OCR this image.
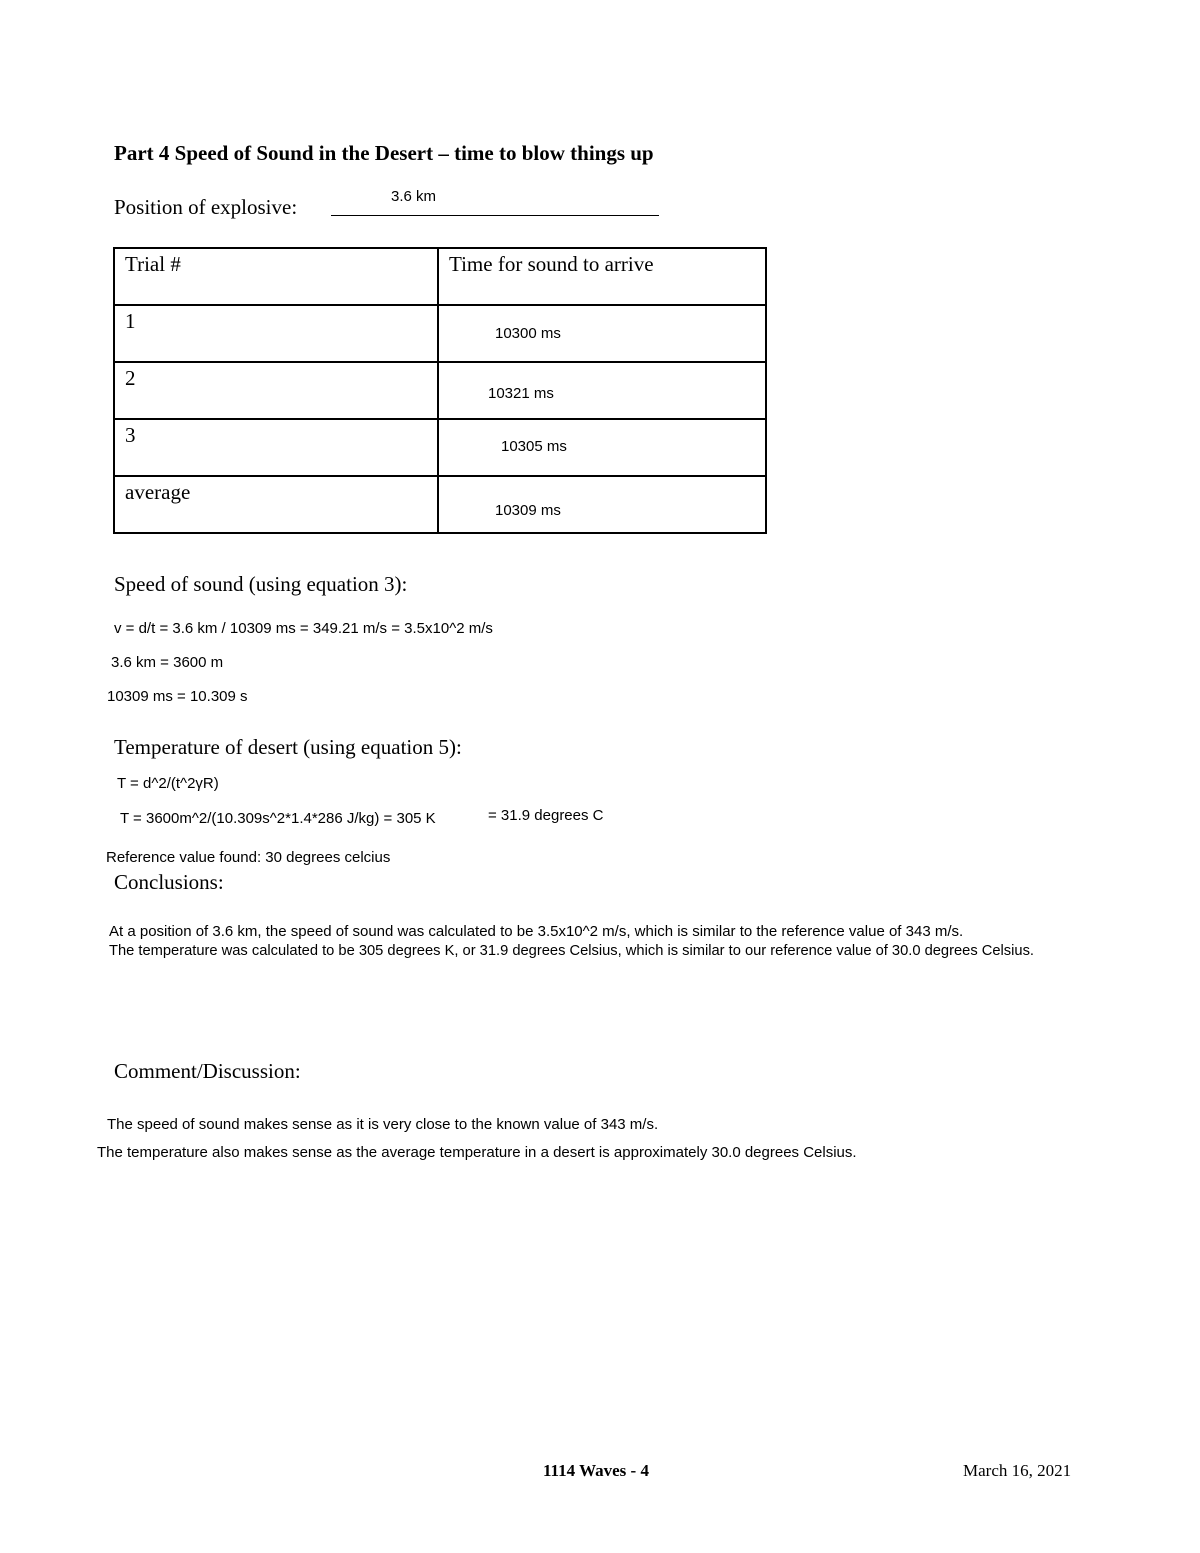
Part 4 Speed of Sound in the Desert – time to blow things up
Position of explosive:	3.6 km
Trial #	Time for sound to arrive

1	10300 ms

2	10321 ms

3	10305 ms

average	10309 ms
Speed of sound (using equation 3):
v = d/t = 3.6 km / 10309 ms = 349.21 m/s = 3.5x10^2 m/s
3.6 km = 3600 m
10309 ms = 10.309 s
Temperature of desert (using equation 5):
T = d^2/(t^2γR)
T = 3600m^2/(10.309s^2*1.4*286 J/kg) = 305 K	= 31.9 degrees C
Reference value found: 30 degrees celcius
Conclusions:
At a position of 3.6 km, the speed of sound was calculated to be 3.5x10^2 m/s, which is similar to the reference value of 343 m/s.
The temperature was calculated to be 305 degrees K, or 31.9 degrees Celsius, which is similar to our reference value of 30.0 degrees Celsius.
Comment/Discussion:
The speed of sound makes sense as it is very close to the known value of 343 m/s.
The temperature also makes sense as the average temperature in a desert is approximately 30.0 degrees Celsius.
1114 Waves - 4	March 16, 2021
